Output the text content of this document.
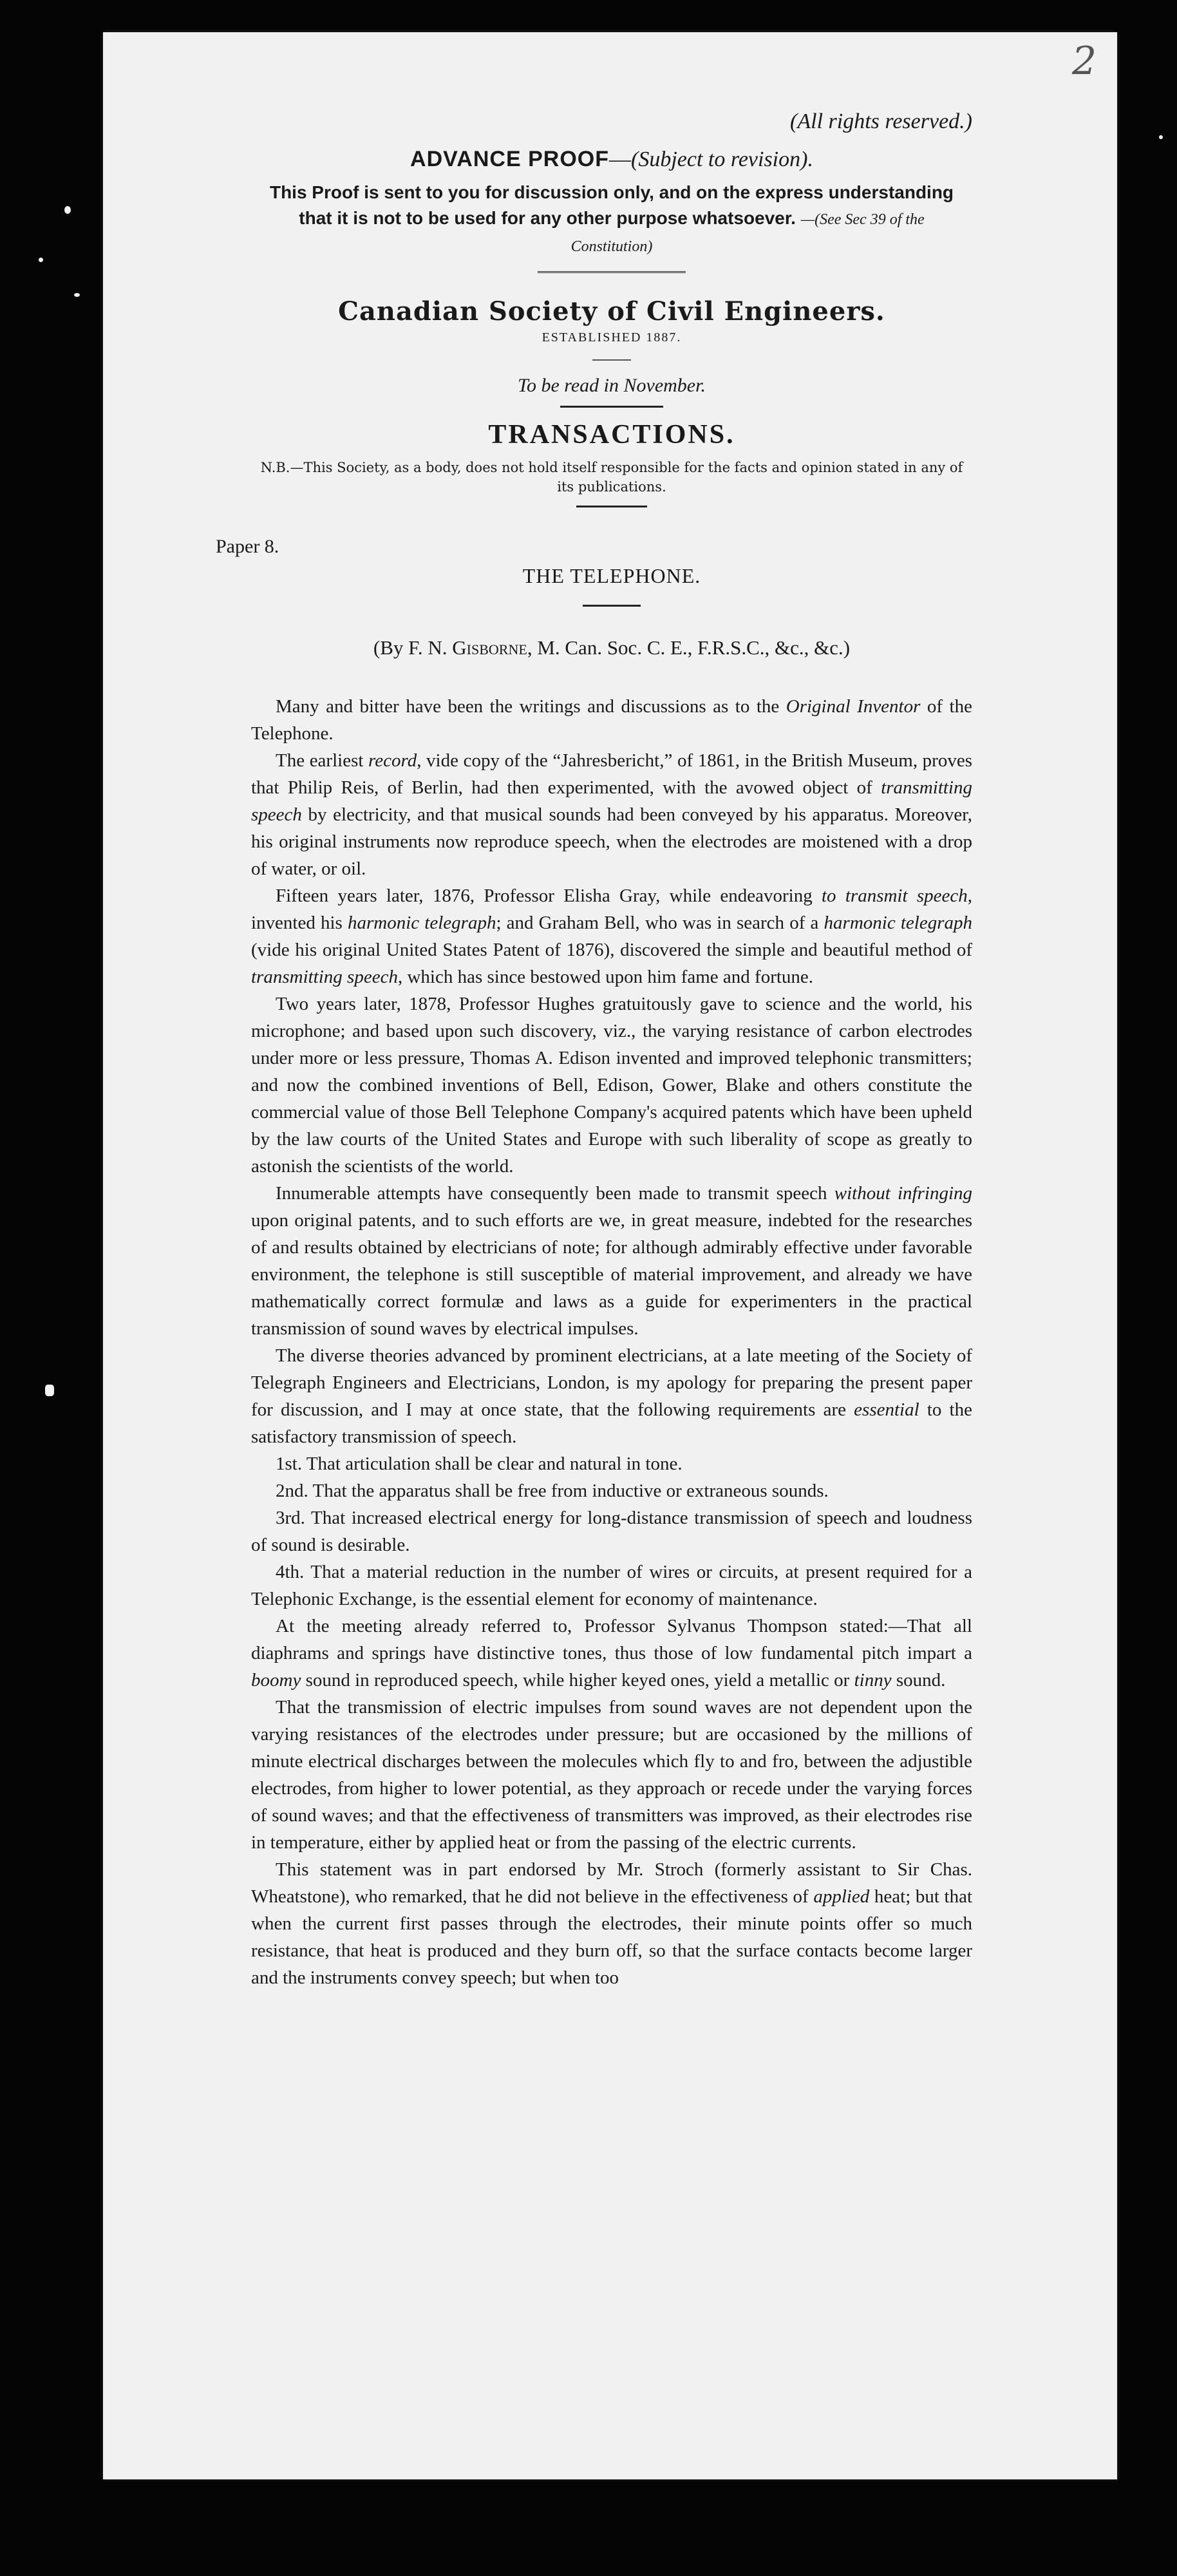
2
(All rights reserved.)
ADVANCE PROOF—(Subject to revision).
This Proof is sent to you for discussion only, and on the express understanding that it is not to be used for any other purpose whatsoever. —(See Sec 39 of the Constitution)
Canadian Society of Civil Engineers.
ESTABLISHED 1887.
To be read in November.
TRANSACTIONS.
N.B.—This Society, as a body, does not hold itself responsible for the facts and opinion stated in any of its publications.
Paper 8.
THE TELEPHONE.
(By F. N. Gisborne, M. Can. Soc. C. E., F.R.S.C., &c., &c.)

Many and bitter have been the writings and discussions as to the Original Inventor of the Telephone.

The earliest record, vide copy of the “Jahresbericht,” of 1861, in the British Museum, proves that Philip Reis, of Berlin, had then experimented, with the avowed object of transmitting speech by electricity, and that musical sounds had been conveyed by his apparatus. Moreover, his original instruments now reproduce speech, when the electrodes are moistened with a drop of water, or oil.

Fifteen years later, 1876, Professor Elisha Gray, while endeavoring to transmit speech, invented his harmonic telegraph; and Graham Bell, who was in search of a harmonic telegraph (vide his original United States Patent of 1876), discovered the simple and beautiful method of transmitting speech, which has since bestowed upon him fame and fortune.

Two years later, 1878, Professor Hughes gratuitously gave to science and the world, his microphone; and based upon such discovery, viz., the varying resistance of carbon electrodes under more or less pressure, Thomas A. Edison invented and improved telephonic transmitters; and now the combined inventions of Bell, Edison, Gower, Blake and others constitute the commercial value of those Bell Telephone Company's acquired patents which have been upheld by the law courts of the United States and Europe with such liberality of scope as greatly to astonish the scientists of the world.

Innumerable attempts have consequently been made to transmit speech without infringing upon original patents, and to such efforts are we, in great measure, indebted for the researches of and results obtained by electricians of note; for although admirably effective under favorable environment, the telephone is still susceptible of material improvement, and already we have mathematically correct formulæ and laws as a guide for experimenters in the practical transmission of sound waves by electrical impulses.

The diverse theories advanced by prominent electricians, at a late meeting of the Society of Telegraph Engineers and Electricians, London, is my apology for preparing the present paper for discussion, and I may at once state, that the following requirements are essential to the satisfactory transmission of speech.

1st. That articulation shall be clear and natural in tone.

2nd. That the apparatus shall be free from inductive or extraneous sounds.

3rd. That increased electrical energy for long-distance transmission of speech and loudness of sound is desirable.

4th. That a material reduction in the number of wires or circuits, at present required for a Telephonic Exchange, is the essential element for economy of maintenance.

At the meeting already referred to, Professor Sylvanus Thompson stated:—That all diaphrams and springs have distinctive tones, thus those of low fundamental pitch impart a boomy sound in reproduced speech, while higher keyed ones, yield a metallic or tinny sound.

That the transmission of electric impulses from sound waves are not dependent upon the varying resistances of the electrodes under pressure; but are occasioned by the millions of minute electrical discharges between the molecules which fly to and fro, between the adjustible electrodes, from higher to lower potential, as they approach or recede under the varying forces of sound waves; and that the effectiveness of transmitters was improved, as their electrodes rise in temperature, either by applied heat or from the passing of the electric currents.

This statement was in part endorsed by Mr. Stroch (formerly assistant to Sir Chas. Wheatstone), who remarked, that he did not believe in the effectiveness of applied heat; but that when the current first passes through the electrodes, their minute points offer so much resistance, that heat is produced and they burn off, so that the surface contacts become larger and the instruments convey speech; but when too
